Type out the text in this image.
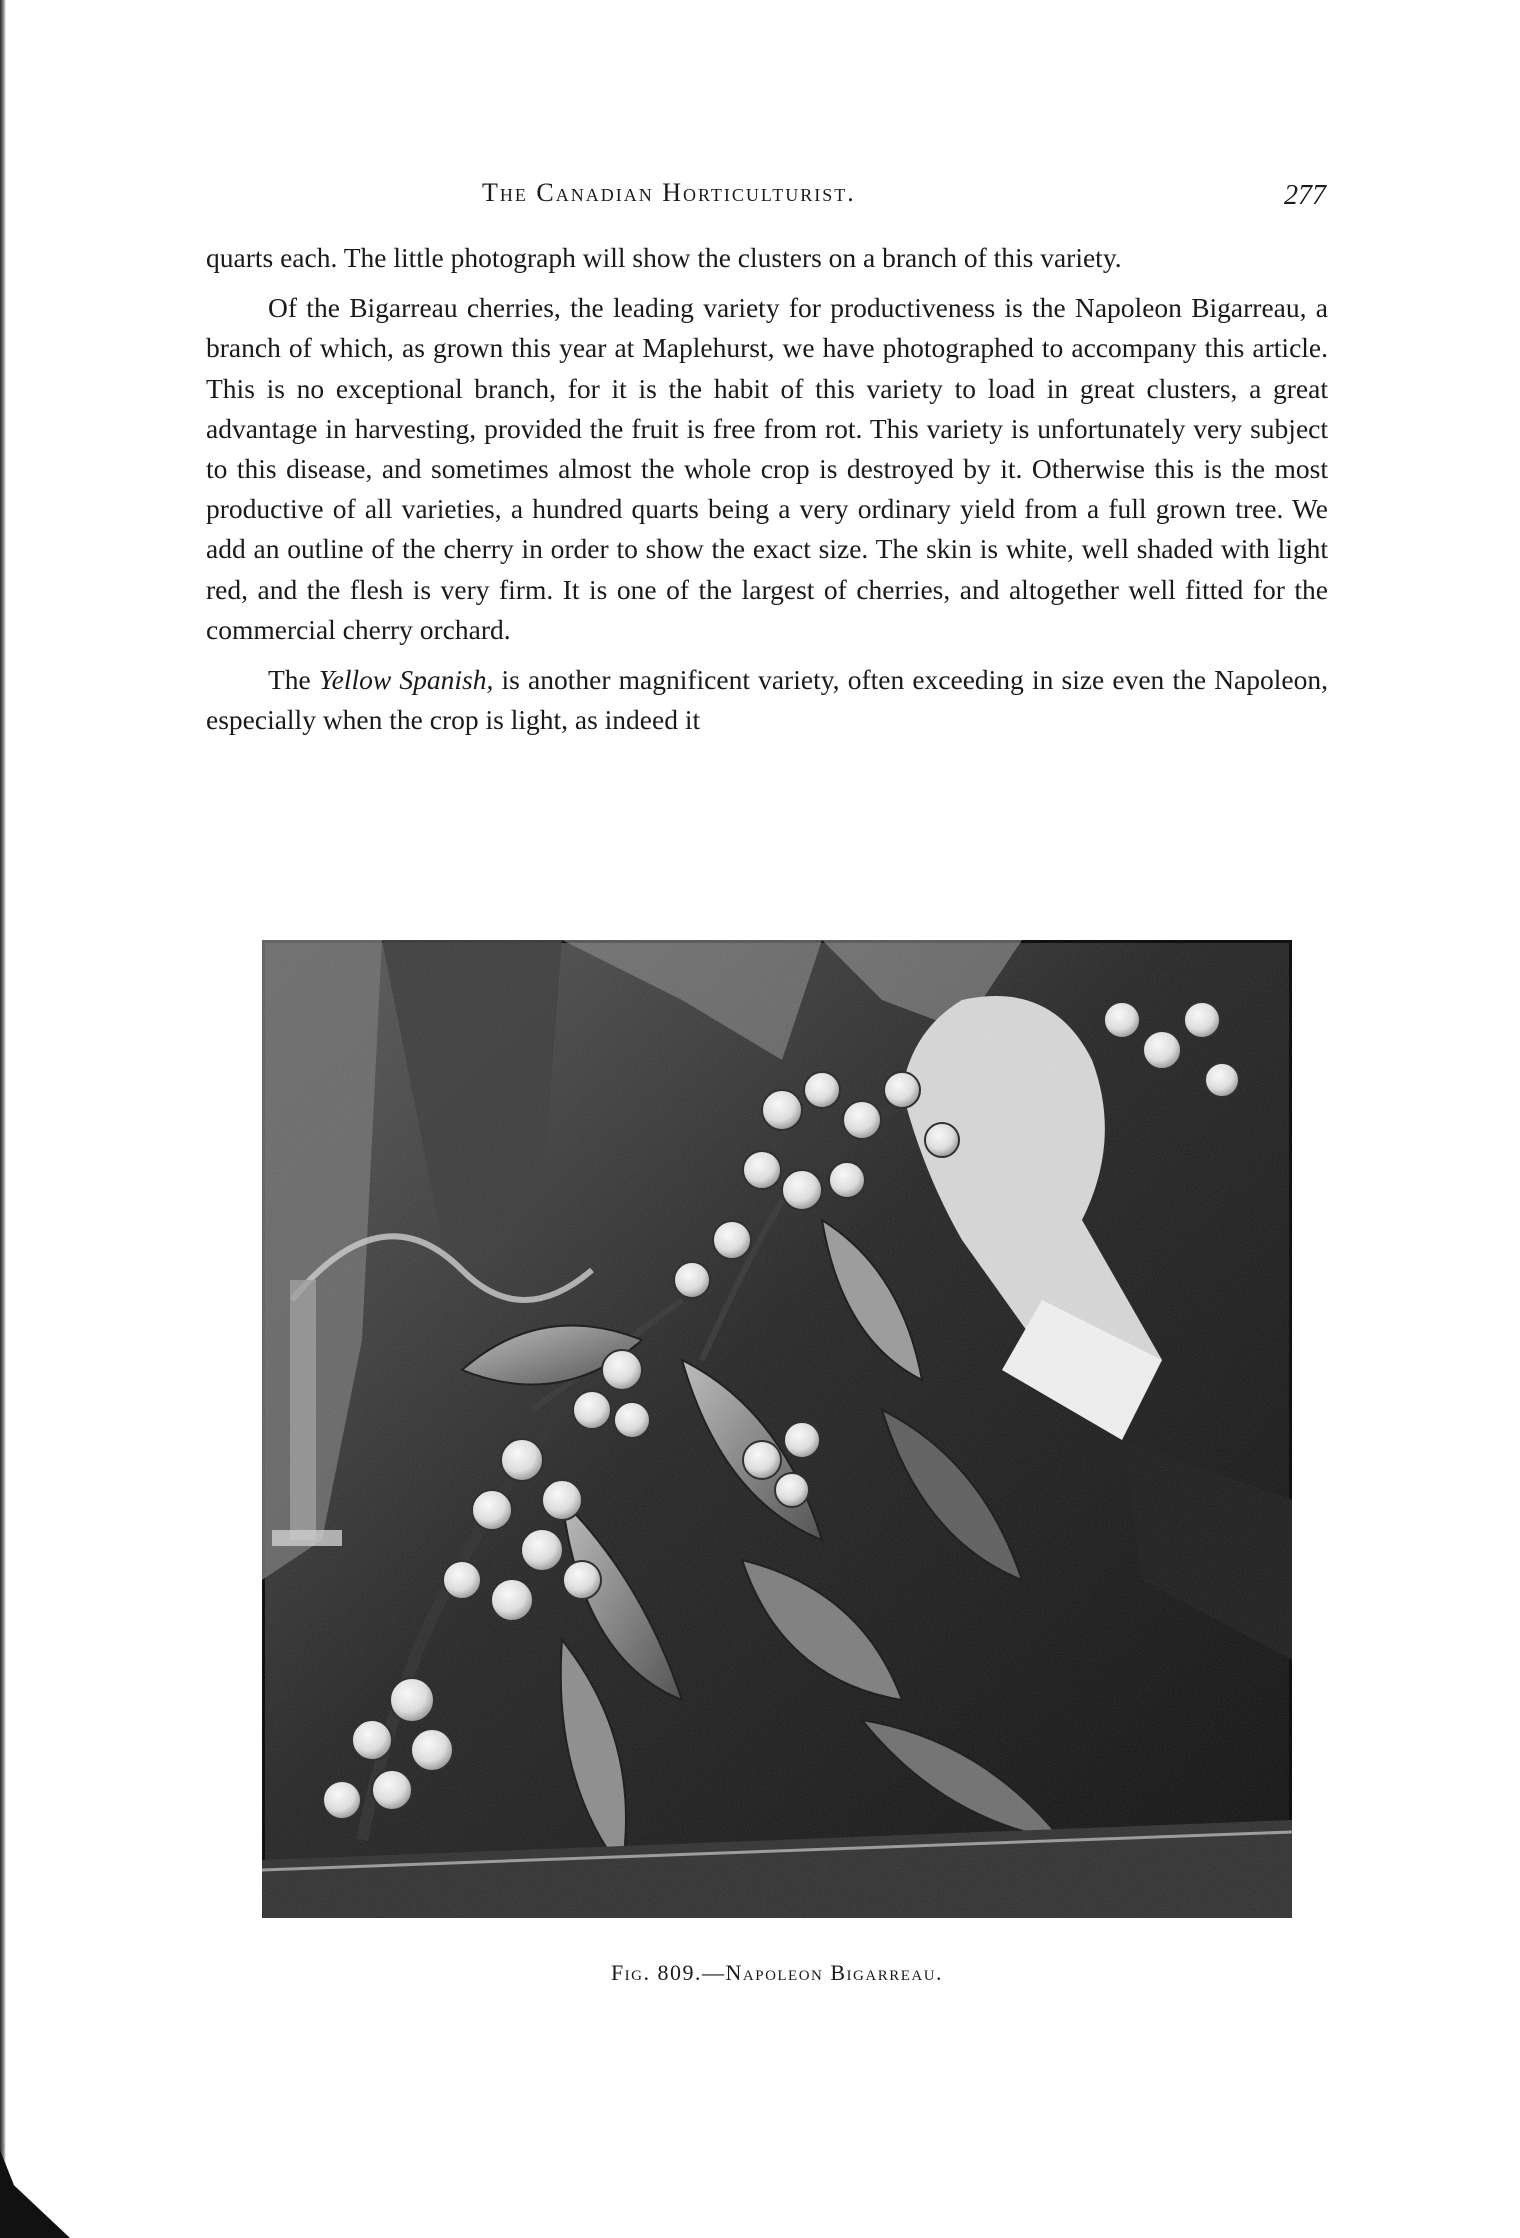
The Canadian Horticulturist.	277

quarts each. The little photograph will show the clusters on a branch of this variety.

Of the Bigarreau cherries, the leading variety for productiveness is the Napoleon Bigarreau, a branch of which, as grown this year at Maplehurst, we have photographed to accompany this article. This is no exceptional branch, for it is the habit of this variety to load in great clusters, a great advantage in harvesting, provided the fruit is free from rot. This variety is unfortunately very subject to this disease, and sometimes almost the whole crop is destroyed by it. Otherwise this is the most productive of all varieties, a hundred quarts being a very ordinary yield from a full grown tree. We add an outline of the cherry in order to show the exact size. The skin is white, well shaded with light red, and the flesh is very firm. It is one of the largest of cherries, and altogether well fitted for the commercial cherry orchard.

The Yellow Spanish, is another magnificent variety, often exceeding in size even the Napoleon, especially when the crop is light, as indeed it

Fig. 809.—Napoleon Bigarreau.
